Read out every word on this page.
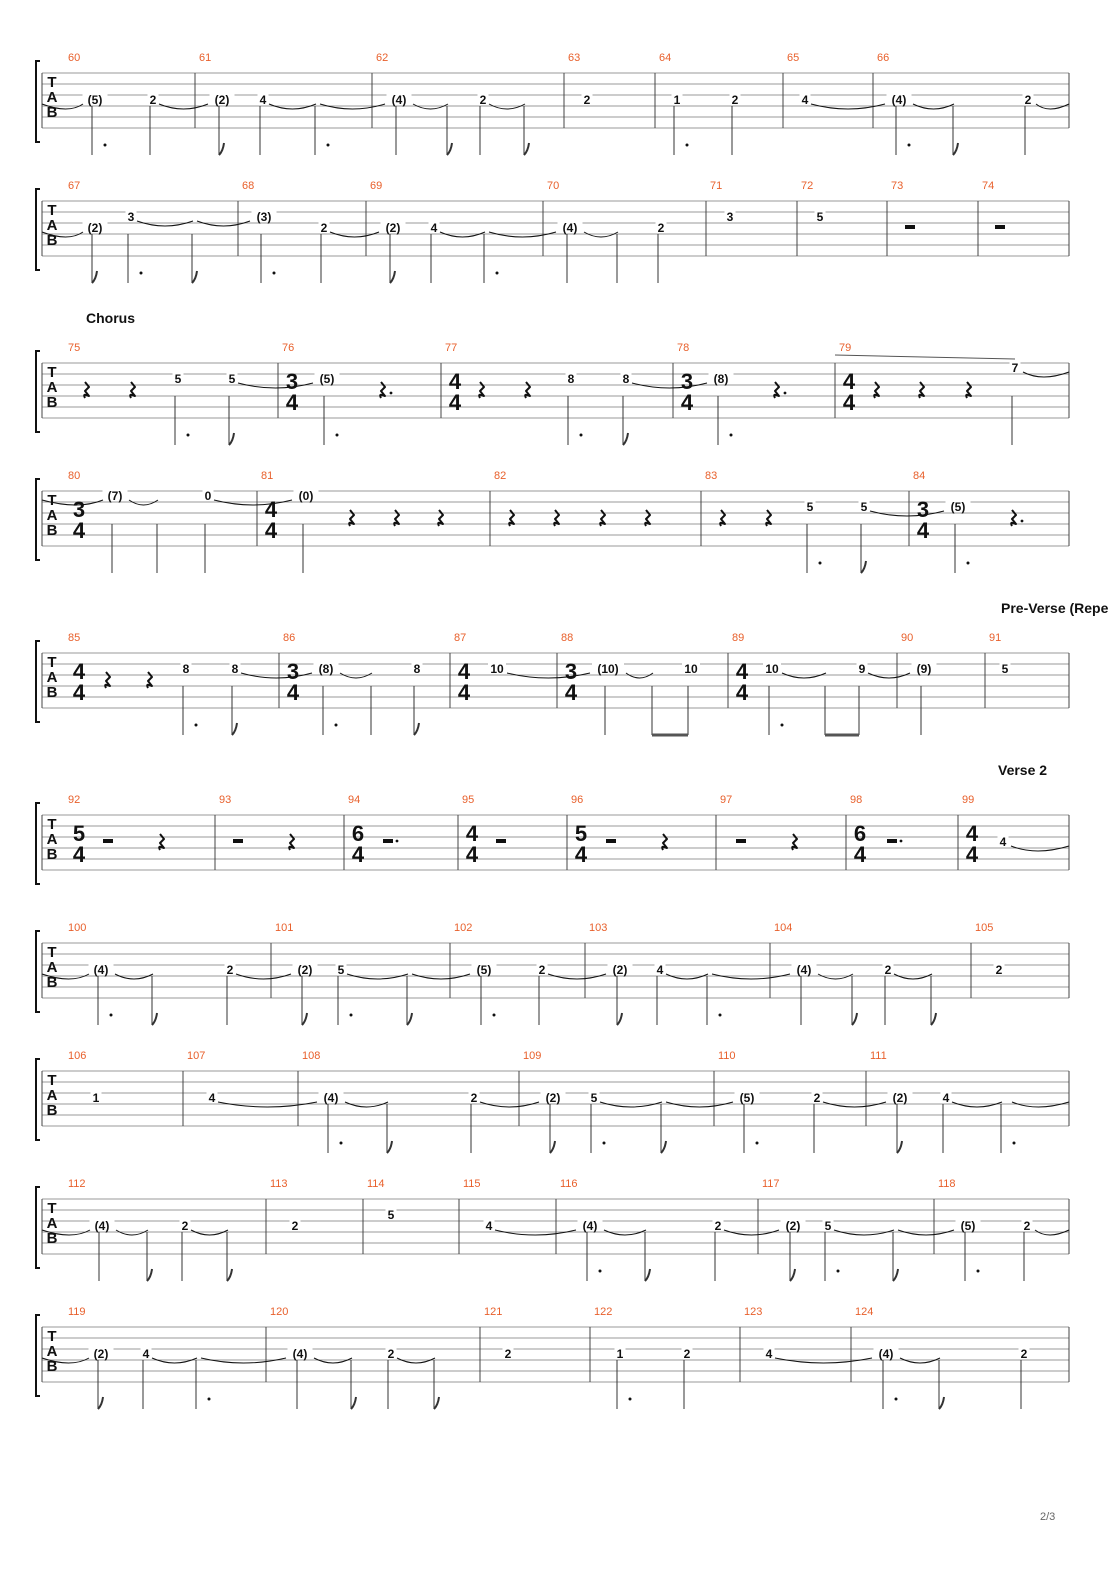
T
A
B
60
(5)	2
61
(2)	4
62
(4)	2
63
2
64
1	2
65
4
66
(4)	2
T
A
B
67
(2)
3
68
(3)
2
69
(2)	4
70
(4)	2
71
3
72
5
73	74
Chorus
T
A
B
75
5	5
76
3
4
(5)
77
4
4
8	8
78
3
4
(8)
79
4
4
7
T
A
B
80
3
4
(7)	0
81
4
4
(0)
82	83
5	5
84
3
4
(5)
Pre-Verse (Repe
T
A
B
85
4
4
8	8
86
3
4
(8)	8
87
4
4
10
88
3
4
(10)	10
89
4
4
10	9
90
(9)
91
5
Verse 2
T
A
B
92
5
4
93	94
6
4
95
4
4
96
5
4
97	98
6
4
99
4
4 4
T
A
B
100
(4)	2
101
(2) 5
102
(5)	2
103
(2) 4
104
(4)	2
105
2
T
A
B
106
1
107
4
108
(4)	2
109
(2)	5
110
(5)	2
111
(2)	4
T
A
B
112
(4)	2
113
2
114
5
115
4
116
(4)	2
117
(2) 5
118
(5)	2
T
A
B
119
(2)	4
120
(4)	2
121
2
122
1	2
123
4
124
(4)	2
2/3
